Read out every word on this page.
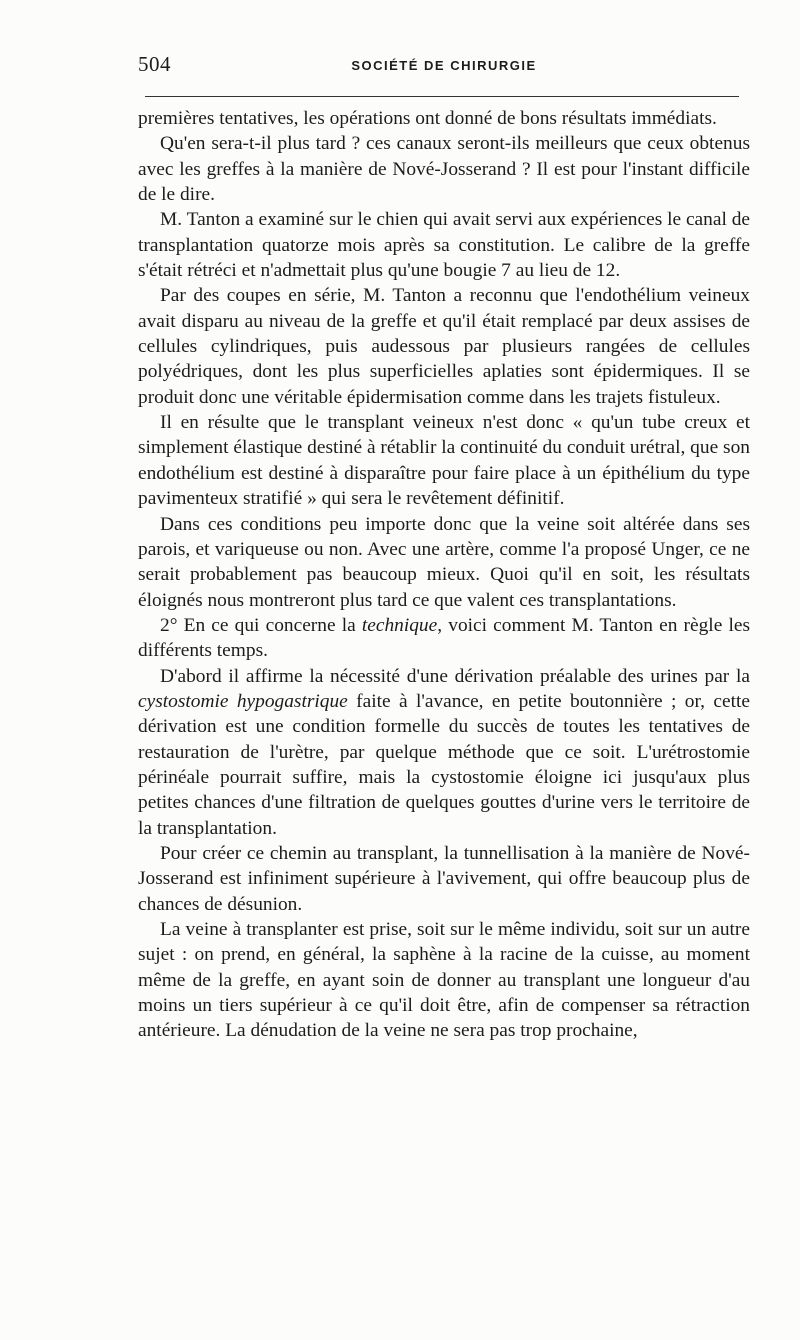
504	SOCIÉTÉ DE CHIRURGIE

premières tentatives, les opérations ont donné de bons résultats immédiats.

Qu'en sera-t-il plus tard ? ces canaux seront-ils meilleurs que ceux obtenus avec les greffes à la manière de Nové-Josserand ? Il est pour l'instant difficile de le dire.

M. Tanton a examiné sur le chien qui avait servi aux expériences le canal de transplantation quatorze mois après sa constitution. Le calibre de la greffe s'était rétréci et n'admettait plus qu'une bougie 7 au lieu de 12.

Par des coupes en série, M. Tanton a reconnu que l'endothélium veineux avait disparu au niveau de la greffe et qu'il était remplacé par deux assises de cellules cylindriques, puis audessous par plusieurs rangées de cellules polyédriques, dont les plus superficielles aplaties sont épidermiques. Il se produit donc une véritable épidermisation comme dans les trajets fistuleux.

Il en résulte que le transplant veineux n'est donc « qu'un tube creux et simplement élastique destiné à rétablir la continuité du conduit urétral, que son endothélium est destiné à disparaître pour faire place à un épithélium du type pavimenteux stratifié » qui sera le revêtement définitif.

Dans ces conditions peu importe donc que la veine soit altérée dans ses parois, et variqueuse ou non. Avec une artère, comme l'a proposé Unger, ce ne serait probablement pas beaucoup mieux. Quoi qu'il en soit, les résultats éloignés nous montreront plus tard ce que valent ces transplantations.

2° En ce qui concerne la technique, voici comment M. Tanton en règle les différents temps.

D'abord il affirme la nécessité d'une dérivation préalable des urines par la cystostomie hypogastrique faite à l'avance, en petite boutonnière ; or, cette dérivation est une condition formelle du succès de toutes les tentatives de restauration de l'urètre, par quelque méthode que ce soit. L'urétrostomie périnéale pourrait suffire, mais la cystostomie éloigne ici jusqu'aux plus petites chances d'une filtration de quelques gouttes d'urine vers le territoire de la transplantation.

Pour créer ce chemin au transplant, la tunnellisation à la manière de Nové-Josserand est infiniment supérieure à l'avivement, qui offre beaucoup plus de chances de désunion.

La veine à transplanter est prise, soit sur le même individu, soit sur un autre sujet : on prend, en général, la saphène à la racine de la cuisse, au moment même de la greffe, en ayant soin de donner au transplant une longueur d'au moins un tiers supérieur à ce qu'il doit être, afin de compenser sa rétraction antérieure. La dénudation de la veine ne sera pas trop prochaine,
